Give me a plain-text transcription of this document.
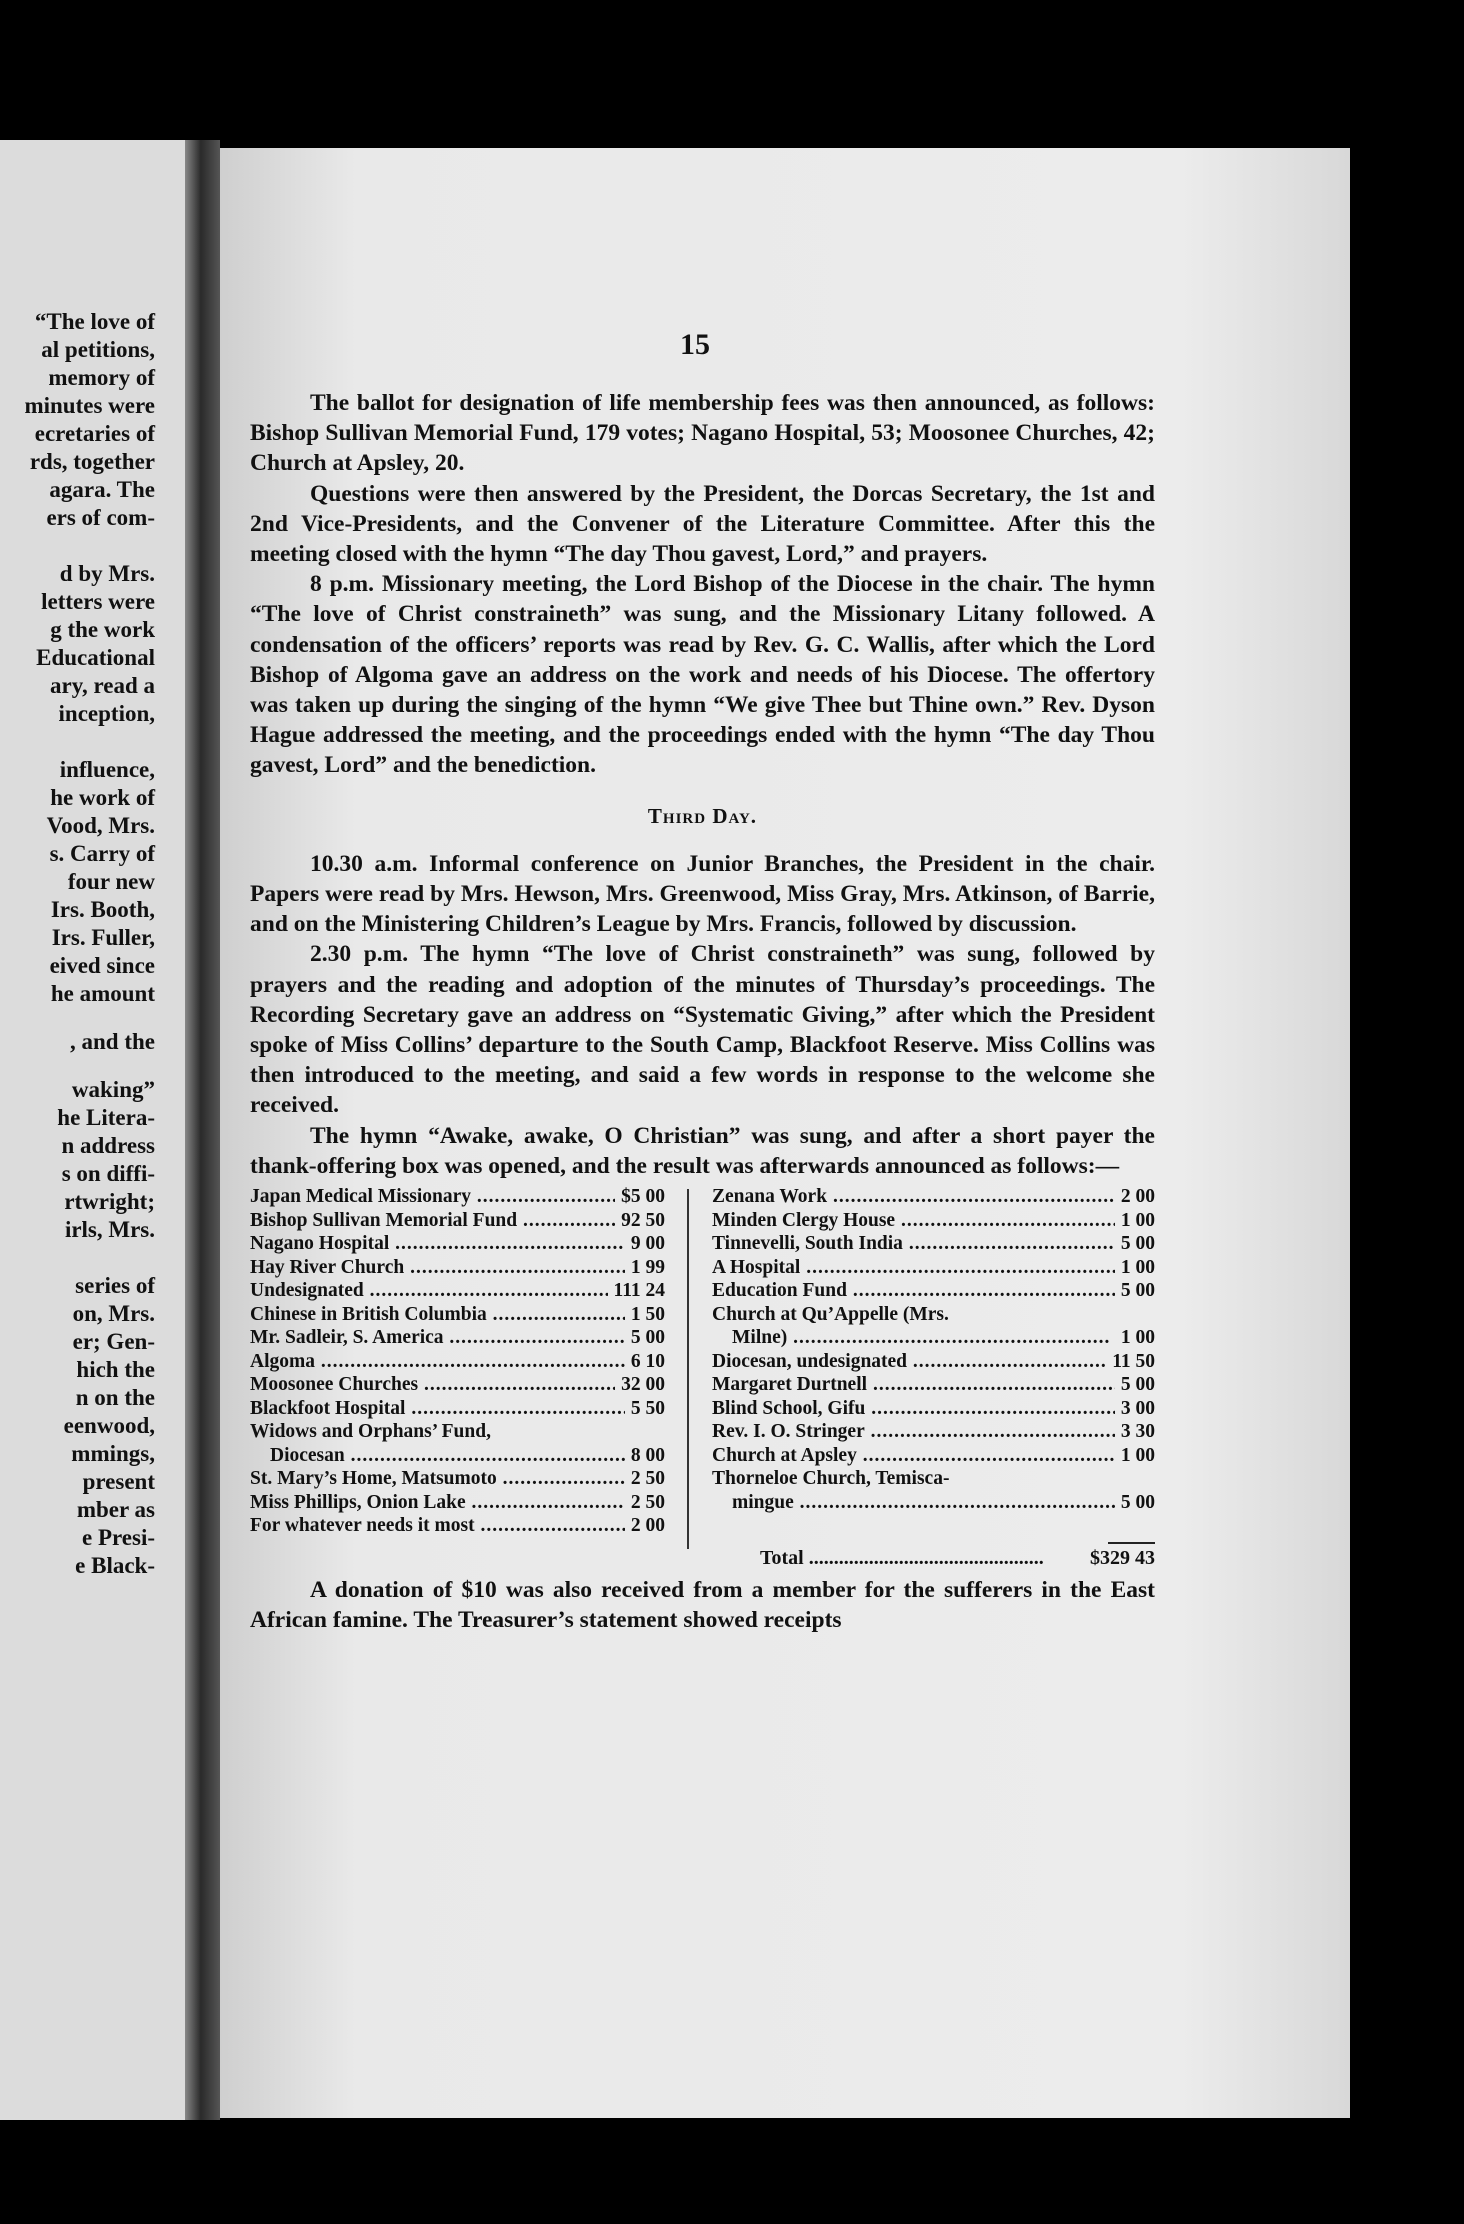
“The love of
al petitions,
memory of
minutes were
ecretaries of
rds, together
agara. The
ers of com-
d by Mrs.
letters were
g the work
Educational
ary, read a
inception,
influence,
he work of
Vood, Mrs.
s. Carry of
four new
Irs. Booth,
Irs. Fuller,
eived since
he amount
, and the
waking”
he Litera-
n address
s on diffi-
rtwright;
irls, Mrs.
series of
on, Mrs.
er; Gen-
hich the
n on the
eenwood,
mmings,
present
mber as
e Presi-
e Black-
15

The ballot for designation of life membership fees was then announced, as follows: Bishop Sullivan Memorial Fund, 179 votes; Nagano Hospital, 53; Moosonee Churches, 42; Church at Apsley, 20.

Questions were then answered by the President, the Dorcas Secretary, the 1st and 2nd Vice-Presidents, and the Convener of the Literature Committee. After this the meeting closed with the hymn “The day Thou gavest, Lord,” and prayers.

8 p.m. Missionary meeting, the Lord Bishop of the Diocese in the chair. The hymn “The love of Christ constraineth” was sung, and the Missionary Litany followed. A condensation of the officers’ reports was read by Rev. G. C. Wallis, after which the Lord Bishop of Algoma gave an address on the work and needs of his Diocese. The offertory was taken up during the singing of the hymn “We give Thee but Thine own.” Rev. Dyson Hague addressed the meeting, and the proceedings ended with the hymn “The day Thou gavest, Lord” and the benediction.

Third Day.

10.30 a.m. Informal conference on Junior Branches, the President in the chair. Papers were read by Mrs. Hewson, Mrs. Greenwood, Miss Gray, Mrs. Atkinson, of Barrie, and on the Ministering Children’s League by Mrs. Francis, followed by discussion.

2.30 p.m. The hymn “The love of Christ constraineth” was sung, followed by prayers and the reading and adoption of the minutes of Thursday’s proceedings. The Recording Secretary gave an address on “Systematic Giving,” after which the President spoke of Miss Collins’ departure to the South Camp, Blackfoot Reserve. Miss Collins was then introduced to the meeting, and said a few words in response to the welcome she received.

The hymn “Awake, awake, O Christian” was sung, and after a short payer the thank-offering box was opened, and the result was afterwards announced as follows:—

Japan Medical Missionary .....	$5 00
Bishop Sullivan Memorial Fund .....	92 50
Nagano Hospital .....	9 00
Hay River Church .....	1 99
Undesignated .....	111 24
Chinese in British Columbia .....	1 50
Mr. Sadleir, S. America .....	5 00
Algoma .....	6 10
Moosonee Churches .....	32 00
Blackfoot Hospital .....	5 50
Widows and Orphans’ Fund,
Diocesan .....	8 00
St. Mary’s Home, Matsumoto .....	2 50
Miss Phillips, Onion Lake .....	2 50
For whatever needs it most .....	2 00
Zenana Work .....	2 00
Minden Clergy House .....	1 00
Tinnevelli, South India .....	5 00
A Hospital .....	1 00
Education Fund .....	5 00
Church at Qu’Appelle (Mrs.
Milne) .....	1 00
Diocesan, undesignated .....	11 50
Margaret Durtnell .....	5 00
Blind School, Gifu .....	3 00
Rev. I. O. Stringer .....	3 30
Church at Apsley .....	1 00
Thorneloe Church, Temisca-
mingue .....	5 00
Total .....	$329 43

A donation of $10 was also received from a member for the sufferers in the East African famine. The Treasurer’s statement showed receipts
